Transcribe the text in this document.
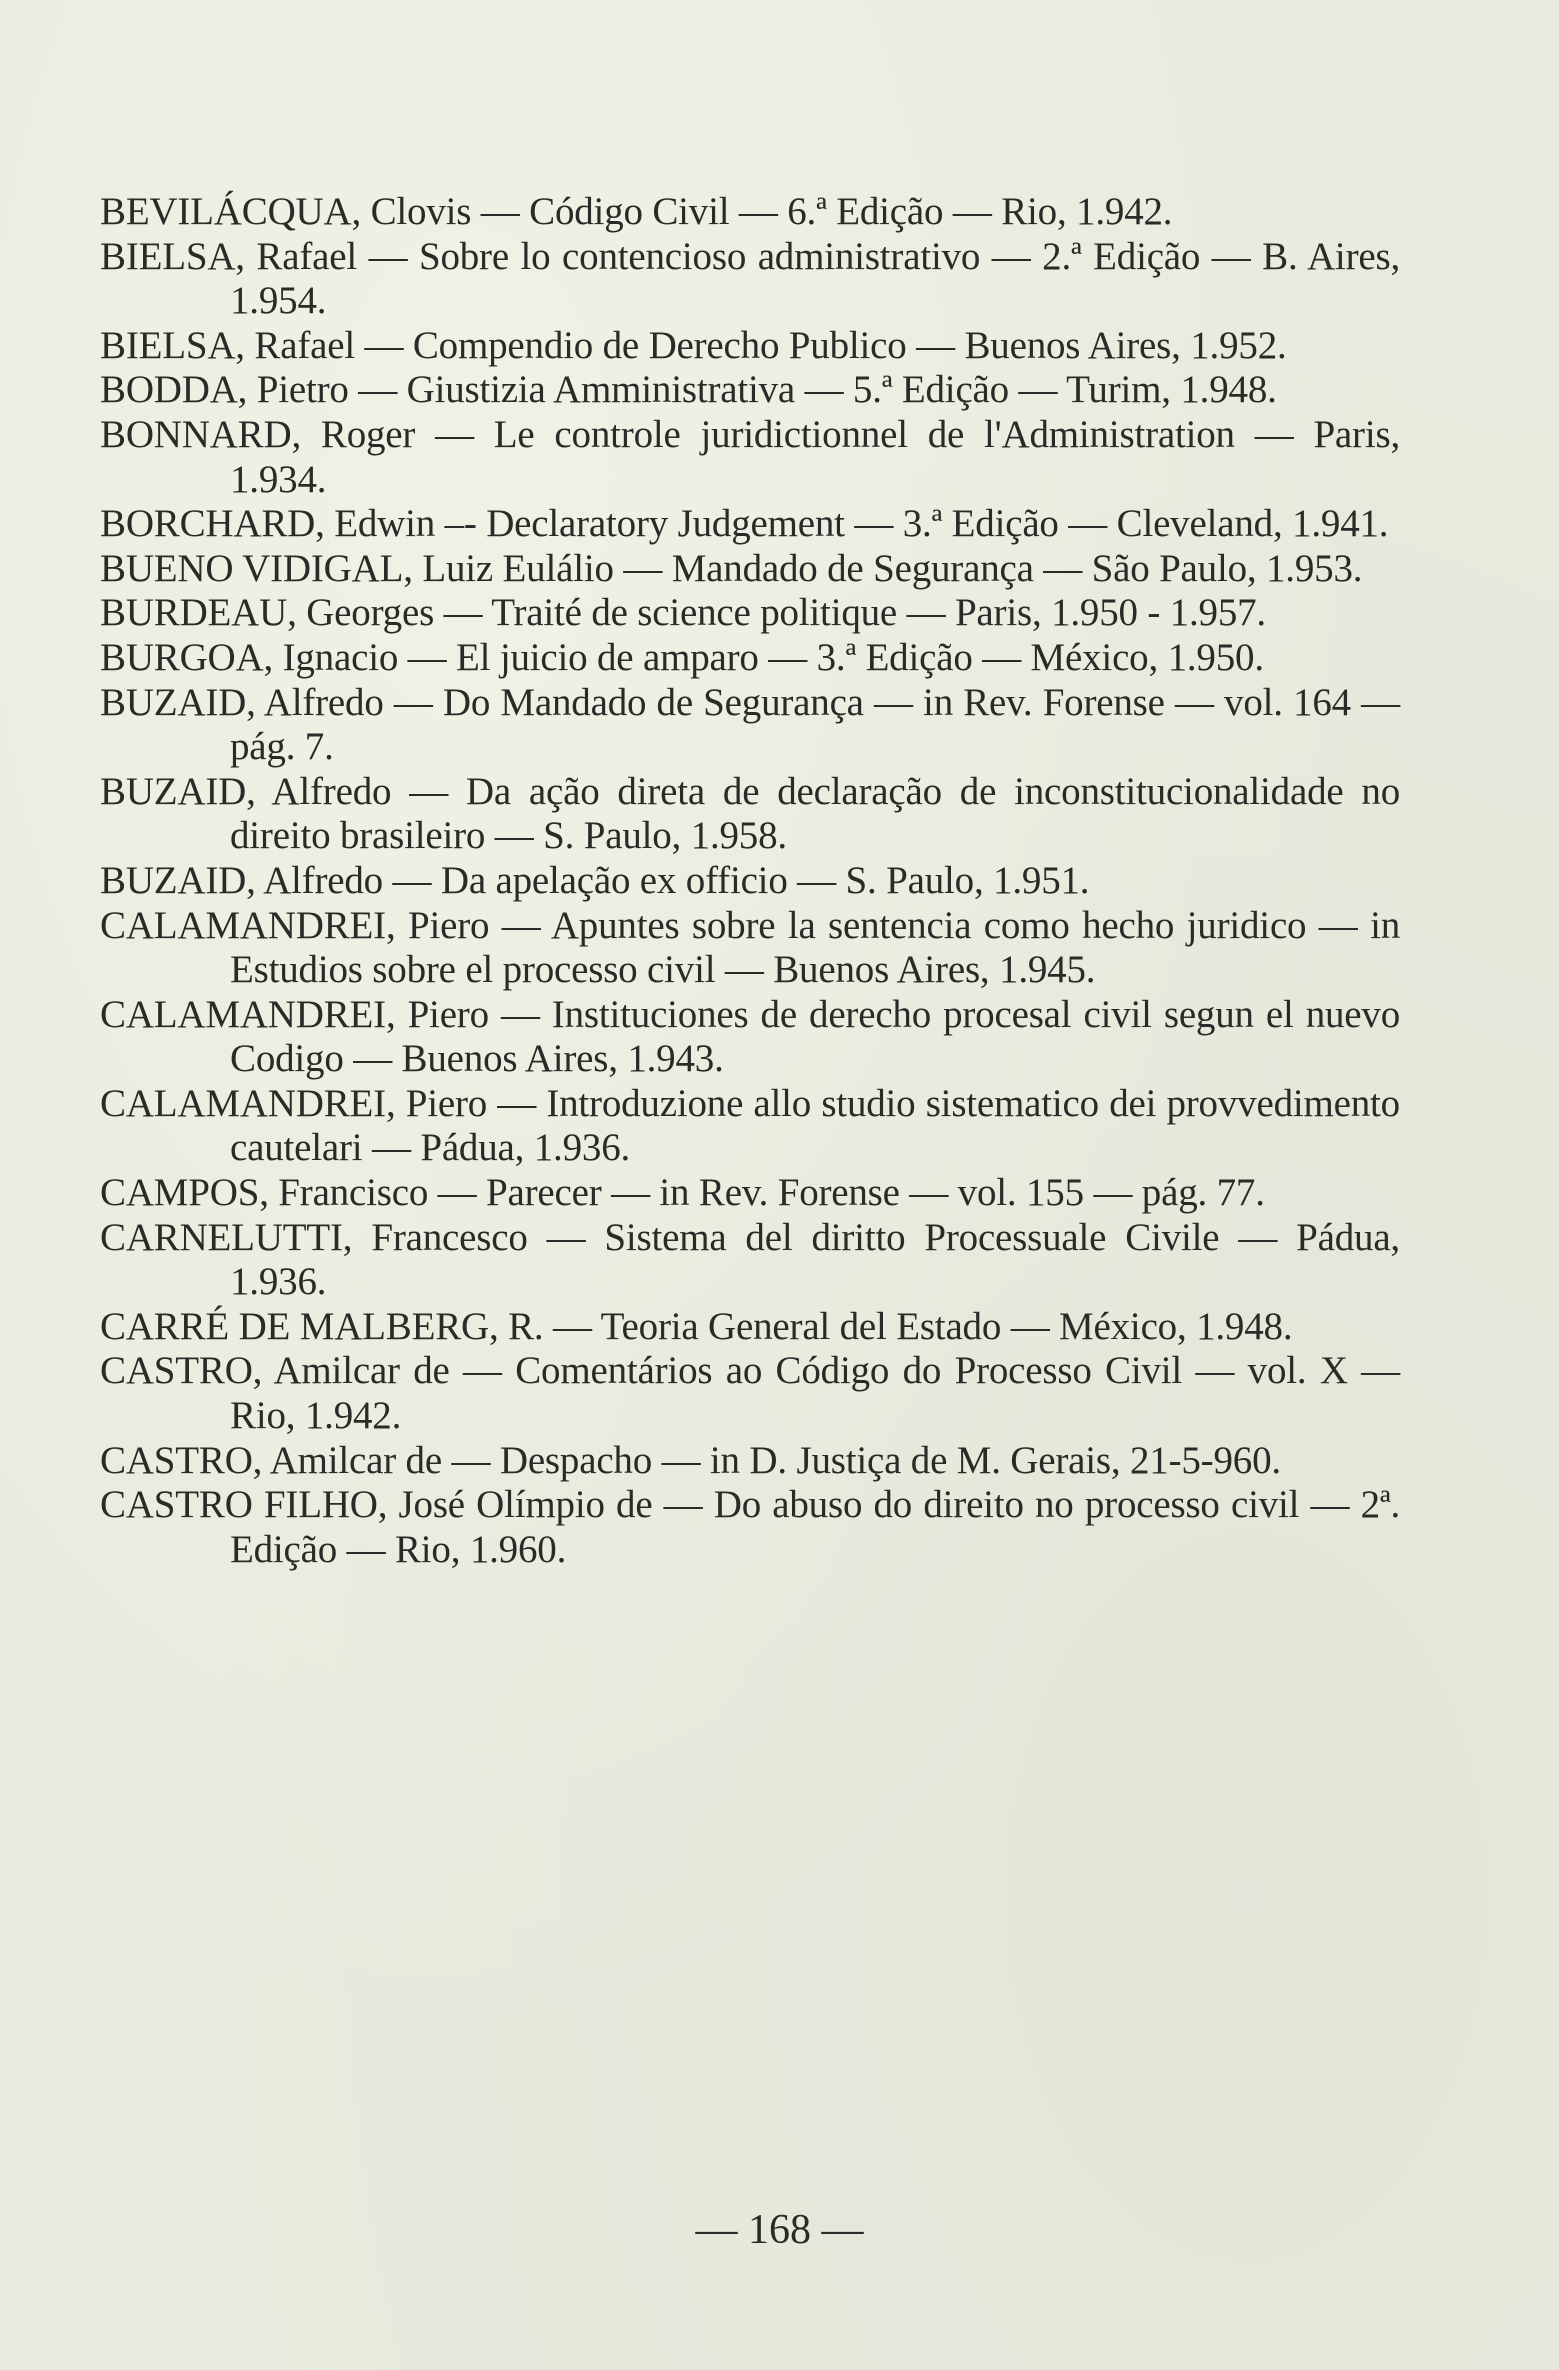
BEVILÁCQUA, Clovis — Código Civil — 6.ª Edição — Rio, 1.942.
BIELSA, Rafael — Sobre lo contencioso administrativo — 2.ª Edição — B. Aires, 1.954.
BIELSA, Rafael — Compendio de Derecho Publico — Buenos Aires, 1.952.
BODDA, Pietro — Giustizia Amministrativa — 5.ª Edição — Turim, 1.948.
BONNARD, Roger — Le controle juridictionnel de l'Administration — Paris, 1.934.
BORCHARD, Edwin –- Declaratory Judgement — 3.ª Edição — Cleveland, 1.941.
BUENO VIDIGAL, Luiz Eulálio — Mandado de Segurança — São Paulo, 1.953.
BURDEAU, Georges — Traité de science politique — Paris, 1.950 - 1.957.
BURGOA, Ignacio — El juicio de amparo — 3.ª Edição — México, 1.950.
BUZAID, Alfredo — Do Mandado de Segurança — in Rev. Forense — vol. 164 — pág. 7.
BUZAID, Alfredo — Da ação direta de declaração de inconstitucionalidade no direito brasileiro — S. Paulo, 1.958.
BUZAID, Alfredo — Da apelação ex officio — S. Paulo, 1.951.
CALAMANDREI, Piero — Apuntes sobre la sentencia como hecho juridico — in Estudios sobre el processo civil — Buenos Aires, 1.945.
CALAMANDREI, Piero — Instituciones de derecho procesal civil segun el nuevo Codigo — Buenos Aires, 1.943.
CALAMANDREI, Piero — Introduzione allo studio sistematico dei provvedimento cautelari — Pádua, 1.936.
CAMPOS, Francisco — Parecer — in Rev. Forense — vol. 155 — pág. 77.
CARNELUTTI, Francesco — Sistema del diritto Processuale Civile — Pádua, 1.936.
CARRÉ DE MALBERG, R. — Teoria General del Estado — México, 1.948.
CASTRO, Amilcar de — Comentários ao Código do Processo Civil — vol. X — Rio, 1.942.
CASTRO, Amilcar de — Despacho — in D. Justiça de M. Gerais, 21-5-960.
CASTRO FILHO, José Olímpio de — Do abuso do direito no processo civil — 2ª. Edição — Rio, 1.960.
— 168 —
